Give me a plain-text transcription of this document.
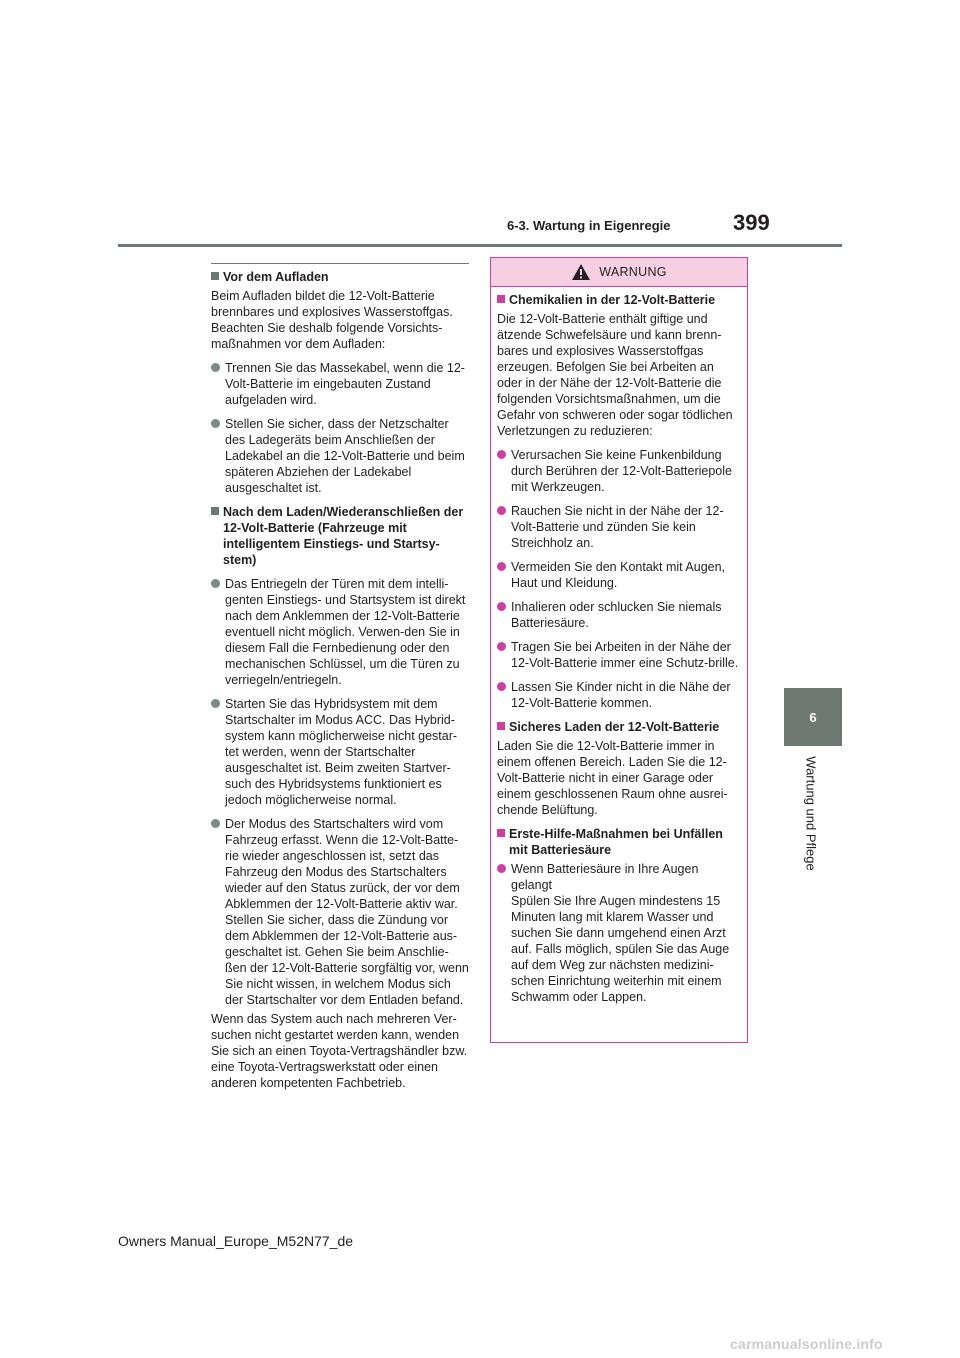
6-3. Wartung in Eigenregie	399
6
Wartung und Pflege
Vor dem Aufladen

Beim Aufladen bildet die 12-Volt-Batterie brennbares und explosives Wasserstoffgas. Beachten Sie deshalb folgende Vorsichts-maßnahmen vor dem Aufladen:

Trennen Sie das Massekabel, wenn die 12-Volt-Batterie im eingebauten Zustand aufgeladen wird.
Stellen Sie sicher, dass der Netzschalter des Ladegeräts beim Anschließen der Ladekabel an die 12-Volt-Batterie und beim späteren Abziehen der Ladekabel ausgeschaltet ist.
Nach dem Laden/Wiederanschließen der 12-Volt-Batterie (Fahrzeuge mit intelligentem Einstiegs- und Startsy-stem)
Das Entriegeln der Türen mit dem intelli-genten Einstiegs- und Startsystem ist direkt nach dem Anklemmen der 12-Volt-Batterie eventuell nicht möglich. Verwen-den Sie in diesem Fall die Fernbedienung oder den mechanischen Schlüssel, um die Türen zu verriegeln/entriegeln.
Starten Sie das Hybridsystem mit dem Startschalter im Modus ACC. Das Hybrid-system kann möglicherweise nicht gestar-tet werden, wenn der Startschalter ausgeschaltet ist. Beim zweiten Startver-such des Hybridsystems funktioniert es jedoch möglicherweise normal.
Der Modus des Startschalters wird vom Fahrzeug erfasst. Wenn die 12-Volt-Batte-rie wieder angeschlossen ist, setzt das Fahrzeug den Modus des Startschalters wieder auf den Status zurück, der vor dem Abklemmen der 12-Volt-Batterie aktiv war. Stellen Sie sicher, dass die Zündung vor dem Abklemmen der 12-Volt-Batterie aus-geschaltet ist. Gehen Sie beim Anschlie-ßen der 12-Volt-Batterie sorgfältig vor, wenn Sie nicht wissen, in welchem Modus sich der Startschalter vor dem Entladen befand.

Wenn das System auch nach mehreren Ver-suchen nicht gestartet werden kann, wenden Sie sich an einen Toyota-Vertragshändler bzw. eine Toyota-Vertragswerkstatt oder einen anderen kompetenten Fachbetrieb.

WARNUNG
Chemikalien in der 12-Volt-Batterie

Die 12-Volt-Batterie enthält giftige und ätzende Schwefelsäure und kann brenn-bares und explosives Wasserstoffgas erzeugen. Befolgen Sie bei Arbeiten an oder in der Nähe der 12-Volt-Batterie die folgenden Vorsichtsmaßnahmen, um die Gefahr von schweren oder sogar tödlichen Verletzungen zu reduzieren:

Verursachen Sie keine Funkenbildung durch Berühren der 12-Volt-Batteriepole mit Werkzeugen.
Rauchen Sie nicht in der Nähe der 12-Volt-Batterie und zünden Sie kein Streichholz an.
Vermeiden Sie den Kontakt mit Augen, Haut und Kleidung.
Inhalieren oder schlucken Sie niemals Batteriesäure.
Tragen Sie bei Arbeiten in der Nähe der 12-Volt-Batterie immer eine Schutz-brille.
Lassen Sie Kinder nicht in die Nähe der 12-Volt-Batterie kommen.
Sicheres Laden der 12-Volt-Batterie

Laden Sie die 12-Volt-Batterie immer in einem offenen Bereich. Laden Sie die 12-Volt-Batterie nicht in einer Garage oder einem geschlossenen Raum ohne ausrei-chende Belüftung.

Erste-Hilfe-Maßnahmen bei Unfällen mit Batteriesäure
Wenn Batteriesäure in Ihre Augen gelangt
Spülen Sie Ihre Augen mindestens 15 Minuten lang mit klarem Wasser und suchen Sie dann umgehend einen Arzt auf. Falls möglich, spülen Sie das Auge auf dem Weg zur nächsten medizini-schen Einrichtung weiterhin mit einem Schwamm oder Lappen.
Owners Manual_Europe_M52N77_de
carmanualsonline.info
